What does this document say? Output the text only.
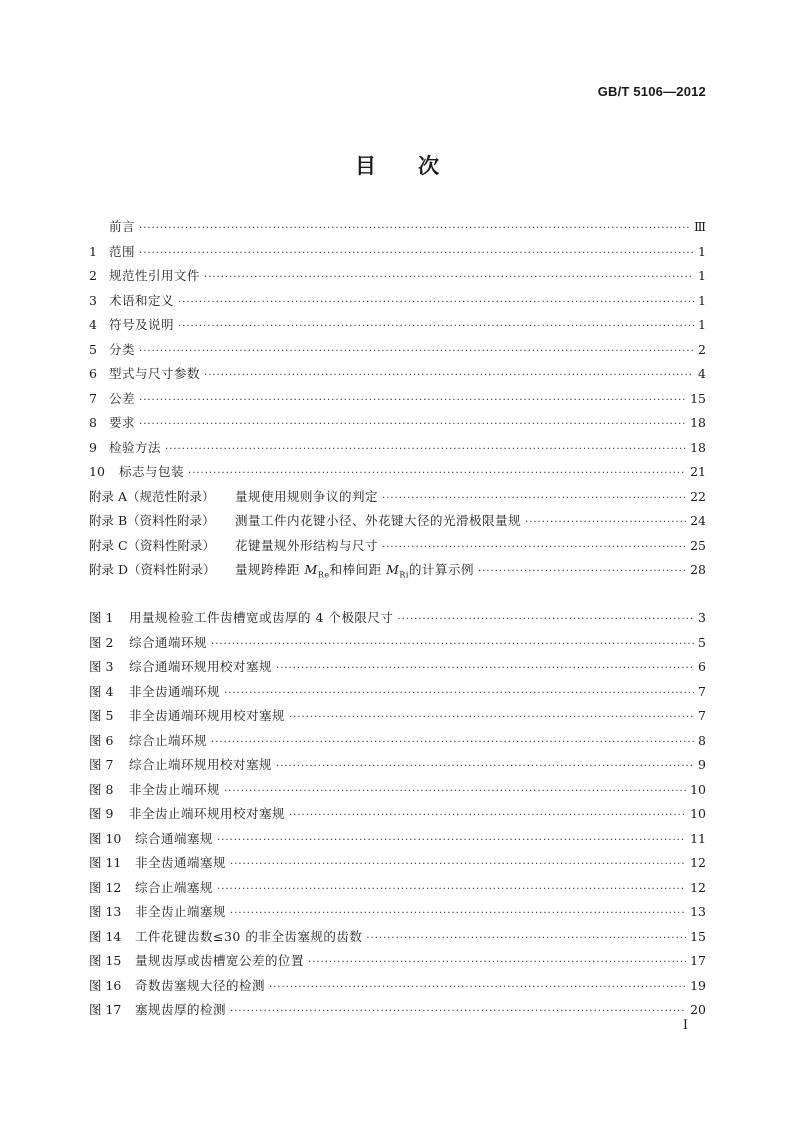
GB/T 5106—2012
目次
前言 ·····	Ⅲ
1 范围 ·····	1
2 规范性引用文件 ·····	1
3 术语和定义 ·····	1
4 符号及说明 ·····	1
5 分类 ·····	2
6 型式与尺寸参数 ·····	4
7 公差 ·····	15
8 要求 ·····	18
9 检验方法 ·····	18
10	标志与包装 ·····	21
附录 A（规范性附录）	量规使用规则争议的判定 ·····	22
附录 B（资料性附录）	测量工件内花键小径、外花键大径的光滑极限量规 ·····	24
附录 C（资料性附录）	花键量规外形结构与尺寸 ·····	25
附录 D（资料性附录）	量规跨棒距 $M_{Re}$和棒间距 $M_{Ri}$的计算示例 ·····	28
图 1	用量规检验工件齿槽宽或齿厚的 4 个极限尺寸 ·····	3
图 2	综合通端环规 ·····	5
图 3	综合通端环规用校对塞规 ·····	6
图 4	非全齿通端环规 ·····	7
图 5	非全齿通端环规用校对塞规 ·····	7
图 6	综合止端环规 ·····	8
图 7	综合止端环规用校对塞规 ·····	9
图 8	非全齿止端环规 ·····	10
图 9	非全齿止端环规用校对塞规 ·····	10
图 10	综合通端塞规 ·····	11
图 11	非全齿通端塞规 ·····	12
图 12	综合止端塞规 ·····	12
图 13	非全齿止端塞规 ·····	13
图 14	工件花键齿数≤30 的非全齿塞规的齿数 ·····	15
图 15	量规齿厚或齿槽宽公差的位置 ·····	17
图 16	奇数齿塞规大径的检测 ·····	19
图 17	塞规齿厚的检测 ·····	20
I
